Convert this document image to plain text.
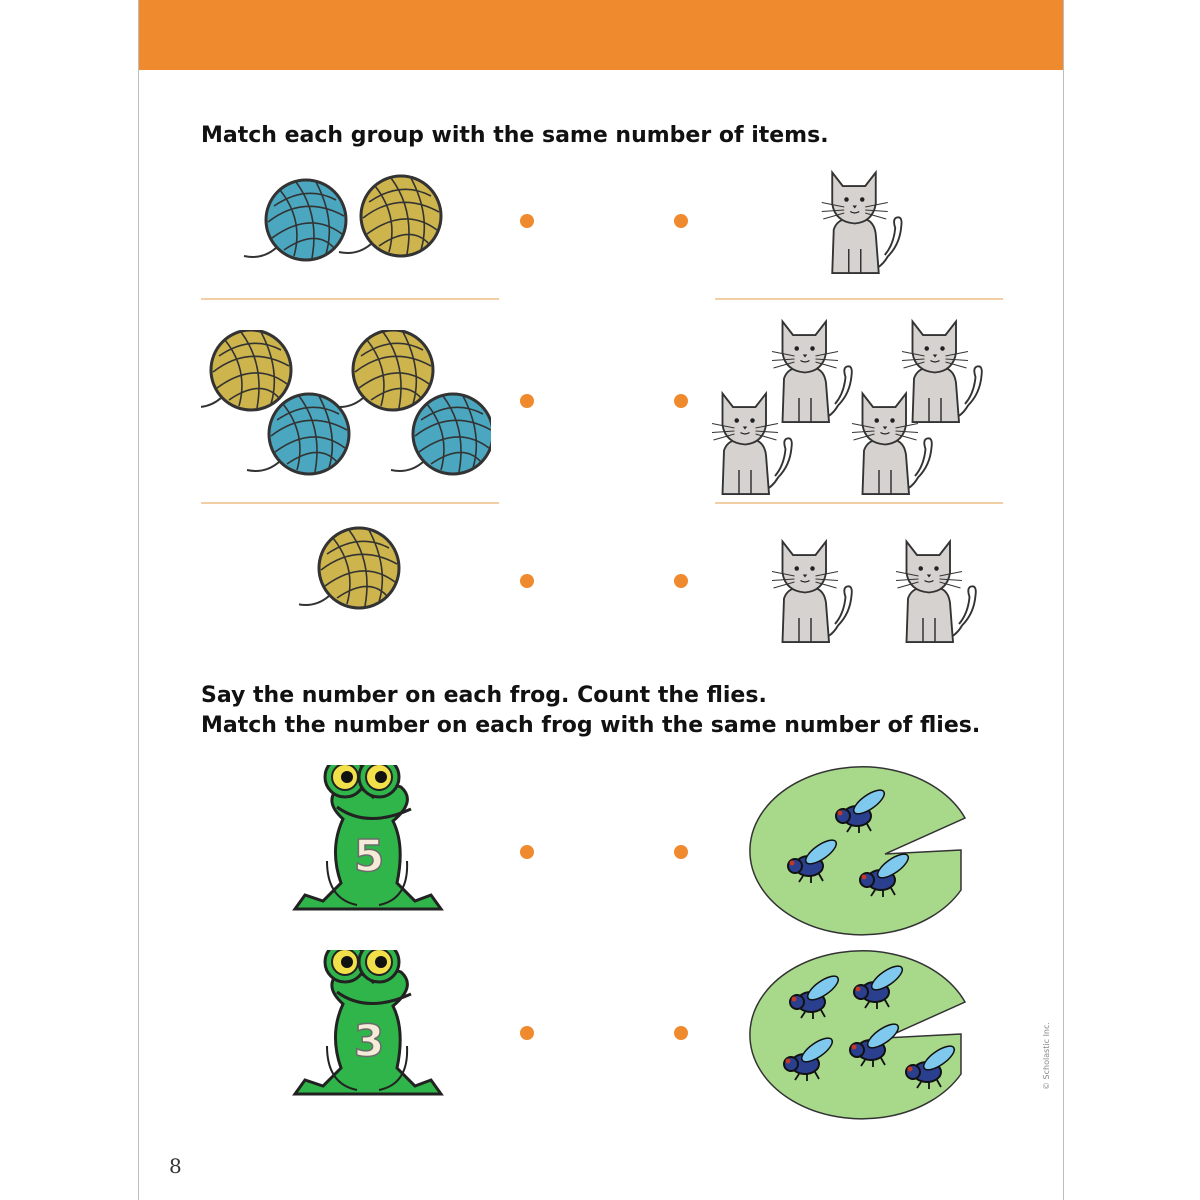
Match each group with the same number of items.

Say the number on each frog. Count the flies.

Match the number on each frog with the same number of flies.

5
3	© Scholastic Inc.
8
